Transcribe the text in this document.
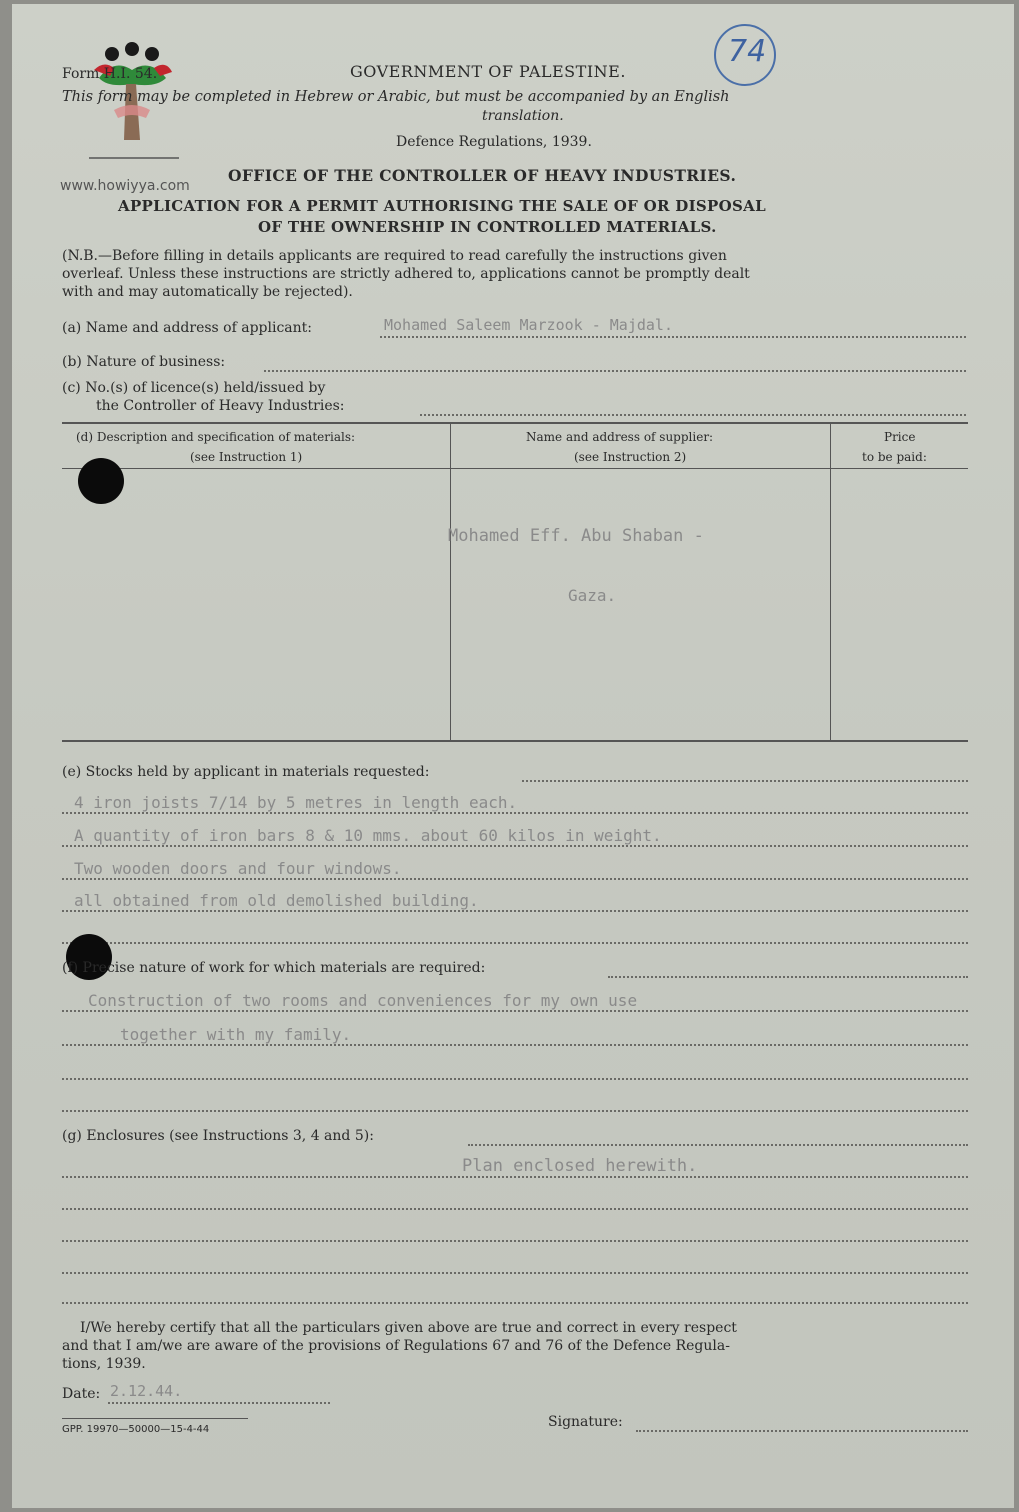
www.howiyya.com
74
Form H.I. 54.	GOVERNMENT OF PALESTINE.
This form may be completed in Hebrew or Arabic, but must be accompanied by an English
translation.
Defence Regulations, 1939.
OFFICE OF THE CONTROLLER OF HEAVY INDUSTRIES.
APPLICATION FOR A PERMIT AUTHORISING THE SALE OF OR DISPOSAL
OF THE OWNERSHIP IN CONTROLLED MATERIALS.
(N.B.—Before filling in details applicants are required to read carefully the instructions given
overleaf. Unless these instructions are strictly adhered to, applications cannot be promptly dealt
with and may automatically be rejected).
(a) Name and address of applicant:	Mohamed Saleem Marzook - Majdal.
(b) Nature of business:
(c) No.(s) of licence(s) held/issued by
the Controller of Heavy Industries:
(d) Description and specification of materials:
(see Instruction 1)
Name and address of supplier:
(see Instruction 2)
Price
to be paid:
Mohamed Eff. Abu Shaban -
Gaza.
(e) Stocks held by applicant in materials requested:
4 iron joists 7/14 by 5 metres in length each.
A quantity of iron bars 8 & 10 mms. about 60 kilos in weight.
Two wooden doors and four windows.
all obtained from old demolished building.
(f) Precise nature of work for which materials are required:
Construction of two rooms and conveniences for my own use
together with my family.
(g) Enclosures (see Instructions 3, 4 and 5):
Plan enclosed herewith.
I/We hereby certify that all the particulars given above are true and correct in every respect
and that I am/we are aware of the provisions of Regulations 67 and 76 of the Defence Regula-
tions, 1939.
Date: 2.12.44.
GPP. 19970—50000—15-4-44	Signature:
